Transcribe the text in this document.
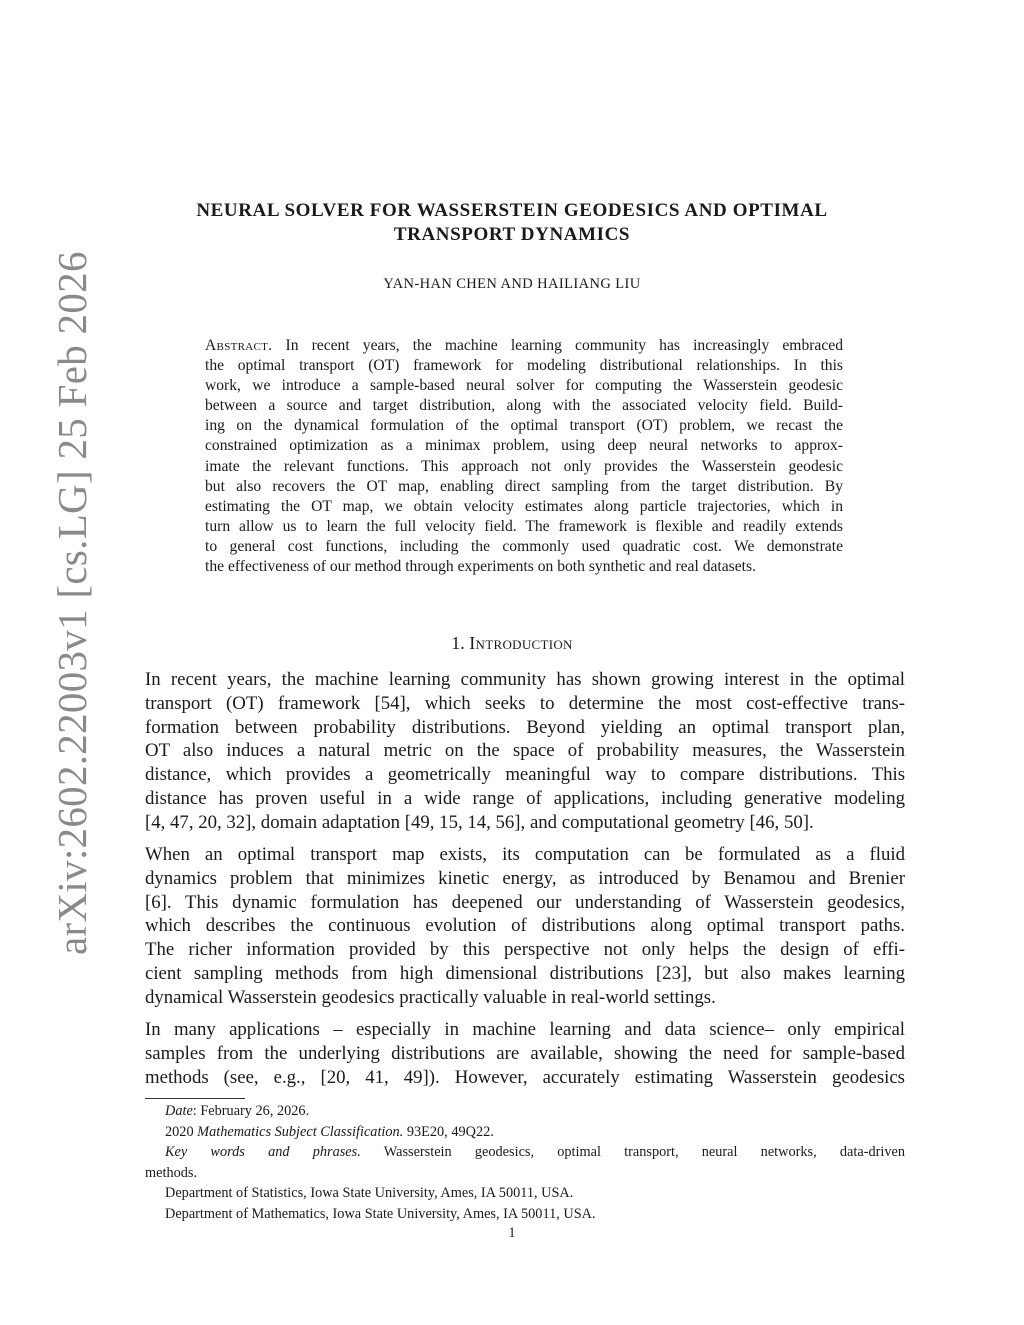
arXiv:2602.22003v1 [cs.LG] 25 Feb 2026
NEURAL SOLVER FOR WASSERSTEIN GEODESICS AND OPTIMAL
TRANSPORT DYNAMICS
YAN-HAN CHEN AND HAILIANG LIU
Abstract. In recent years, the machine learning community has increasingly embraced
the optimal transport (OT) framework for modeling distributional relationships. In this
work, we introduce a sample-based neural solver for computing the Wasserstein geodesic
between a source and target distribution, along with the associated velocity field. Build-
ing on the dynamical formulation of the optimal transport (OT) problem, we recast the
constrained optimization as a minimax problem, using deep neural networks to approx-
imate the relevant functions. This approach not only provides the Wasserstein geodesic
but also recovers the OT map, enabling direct sampling from the target distribution. By
estimating the OT map, we obtain velocity estimates along particle trajectories, which in
turn allow us to learn the full velocity field. The framework is flexible and readily extends
to general cost functions, including the commonly used quadratic cost. We demonstrate
the effectiveness of our method through experiments on both synthetic and real datasets.
1. Introduction
In recent years, the machine learning community has shown growing interest in the optimal
transport (OT) framework [54], which seeks to determine the most cost-effective trans-
formation between probability distributions. Beyond yielding an optimal transport plan,
OT also induces a natural metric on the space of probability measures, the Wasserstein
distance, which provides a geometrically meaningful way to compare distributions. This
distance has proven useful in a wide range of applications, including generative modeling
[4, 47, 20, 32], domain adaptation [49, 15, 14, 56], and computational geometry [46, 50].
When an optimal transport map exists, its computation can be formulated as a fluid
dynamics problem that minimizes kinetic energy, as introduced by Benamou and Brenier
[6]. This dynamic formulation has deepened our understanding of Wasserstein geodesics,
which describes the continuous evolution of distributions along optimal transport paths.
The richer information provided by this perspective not only helps the design of effi-
cient sampling methods from high dimensional distributions [23], but also makes learning
dynamical Wasserstein geodesics practically valuable in real-world settings.
In many applications – especially in machine learning and data science– only empirical
samples from the underlying distributions are available, showing the need for sample-based
methods (see, e.g., [20, 41, 49]). However, accurately estimating Wasserstein geodesics
Date: February 26, 2026.
2020 Mathematics Subject Classification. 93E20, 49Q22.
Key words and phrases. Wasserstein geodesics, optimal transport, neural networks, data-driven
methods.
Department of Statistics, Iowa State University, Ames, IA 50011, USA.
Department of Mathematics, Iowa State University, Ames, IA 50011, USA.
1
